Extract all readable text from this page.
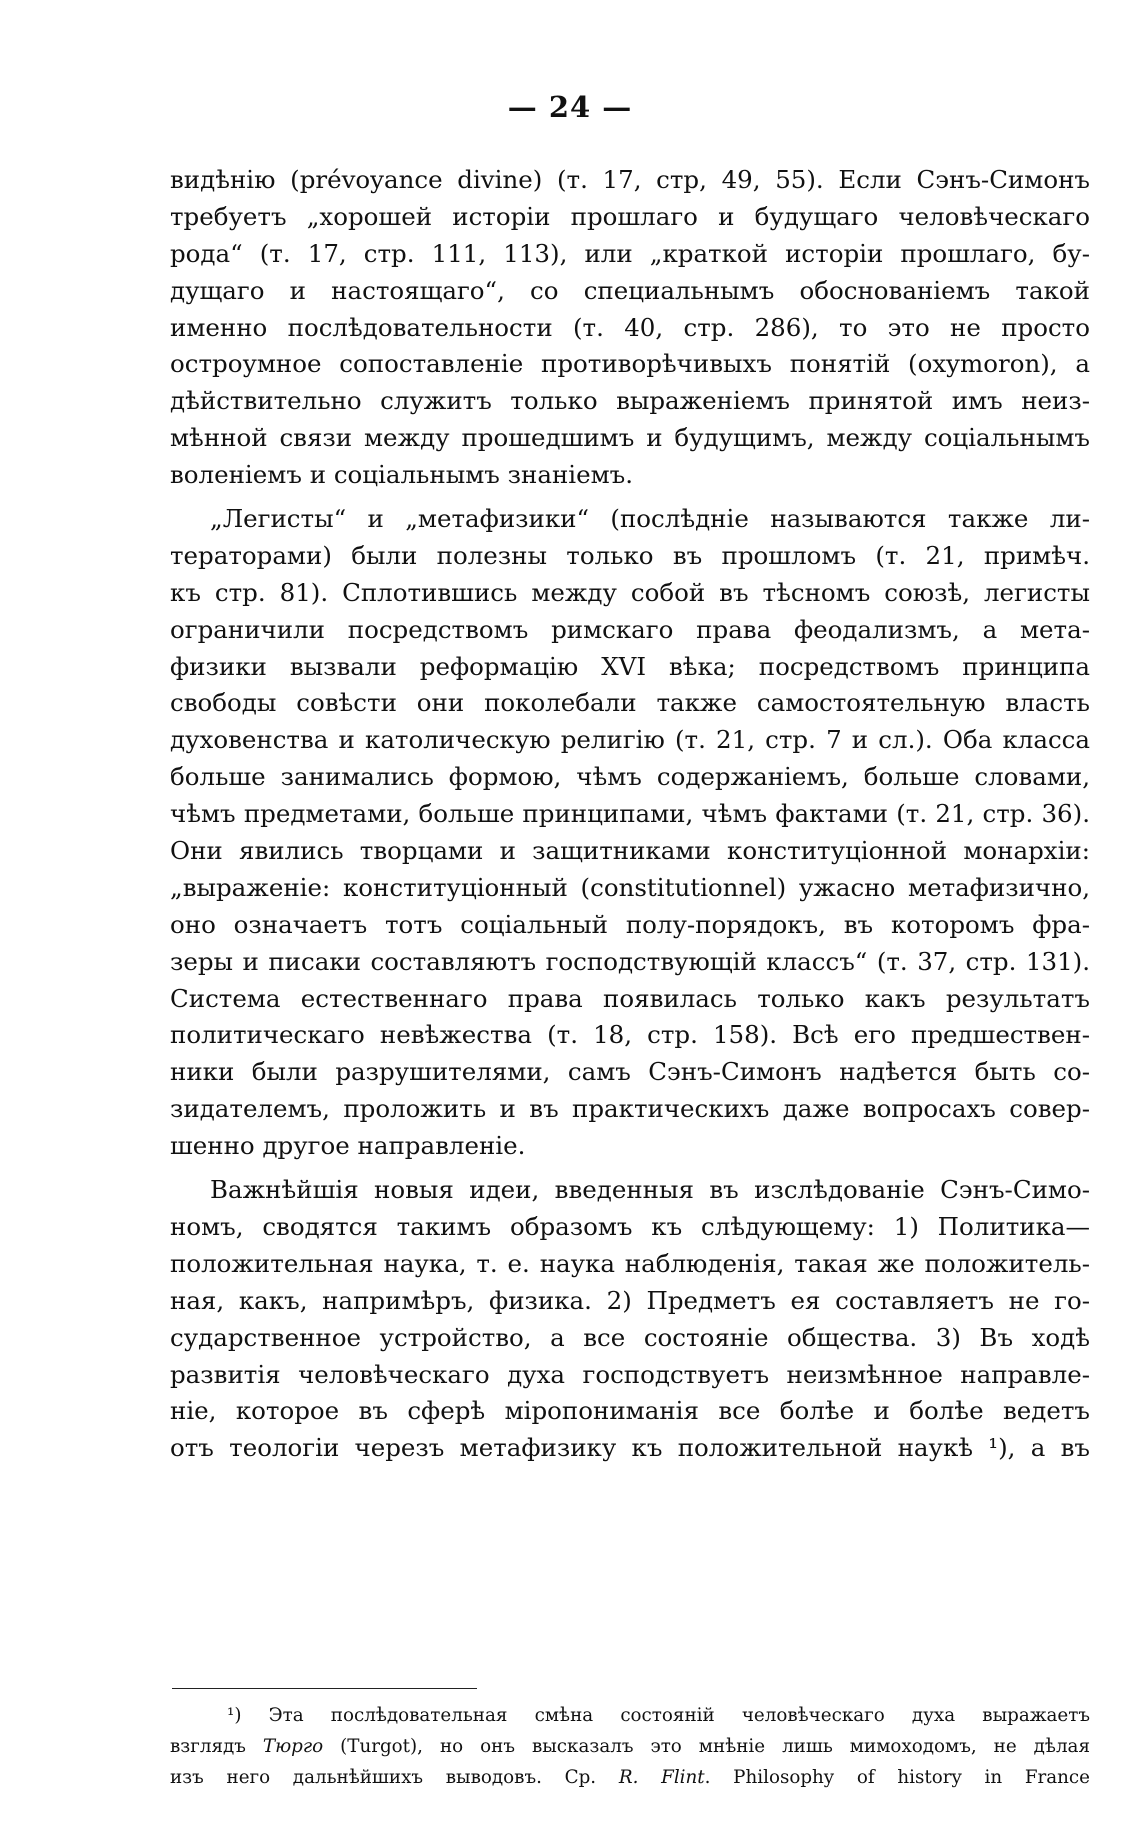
— 24 —
видѣнію (prévoyance divine) (т. 17, стр, 49, 55). Если Сэнъ-Симонъ
требуетъ „хорошей исторіи прошлаго и будущаго человѣческаго
рода“ (т. 17, стр. 111, 113), или „краткой исторіи прошлаго, бу-
дущаго и настоящаго“, со специальнымъ обоснованіемъ такой
именно послѣдовательности (т. 40, стр. 286), то это не просто
остроумное сопоставленіе противорѣчивыхъ понятій (oxymoron), а
дѣйствительно служитъ только выраженіемъ принятой имъ неиз-
мѣнной связи между прошедшимъ и будущимъ, между соціальнымъ
воленіемъ и соціальнымъ знаніемъ.
„Легисты“ и „метафизики“ (послѣдніе называются также ли-
тераторами) были полезны только въ прошломъ (т. 21, примѣч.
къ стр. 81). Сплотившись между собой въ тѣсномъ союзѣ, легисты
ограничили посредствомъ римскаго права феодализмъ, а мета-
физики вызвали реформацію XVI вѣка; посредствомъ принципа
свободы совѣсти они поколебали также самостоятельную власть
духовенства и католическую религію (т. 21, стр. 7 и сл.). Оба класса
больше занимались формою, чѣмъ содержаніемъ, больше словами,
чѣмъ предметами, больше принципами, чѣмъ фактами (т. 21, стр. 36).
Они явились творцами и защитниками конституціонной монархіи:
„выраженіе: конституціонный (constitutionnel) ужасно метафизично,
оно означаетъ тотъ соціальный полу-порядокъ, въ которомъ фра-
зеры и писаки составляютъ господствующій классъ“ (т. 37, стр. 131).
Система естественнаго права появилась только какъ результатъ
политическаго невѣжества (т. 18, стр. 158). Всѣ его предшествен-
ники были разрушителями, самъ Сэнъ-Симонъ надѣется быть со-
зидателемъ, проложить и въ практическихъ даже вопросахъ совер-
шенно другое направленіе.
Важнѣйшія новыя идеи, введенныя въ изслѣдованіе Сэнъ-Симо-
номъ, сводятся такимъ образомъ къ слѣдующему: 1) Политика—
положительная наука, т. е. наука наблюденія, такая же положитель-
ная, какъ, напримѣръ, физика. 2) Предметъ ея составляетъ не го-
сударственное устройство, а все состояніе общества. 3) Въ ходѣ
развитія человѣческаго духа господствуетъ неизмѣнное направле-
ніе, которое въ сферѣ міропониманія все болѣе и болѣе ведетъ
отъ теологіи черезъ метафизику къ положительной наукѣ ¹), а въ
¹) Эта послѣдовательная смѣна состояній человѣческаго духа выражаетъ
взглядъ Тюрго (Turgot), но онъ высказалъ это мнѣніе лишь мимоходомъ, не дѣлая
изъ него дальнѣйшихъ выводовъ. Ср. R. Flint. Philosophy of history in France
